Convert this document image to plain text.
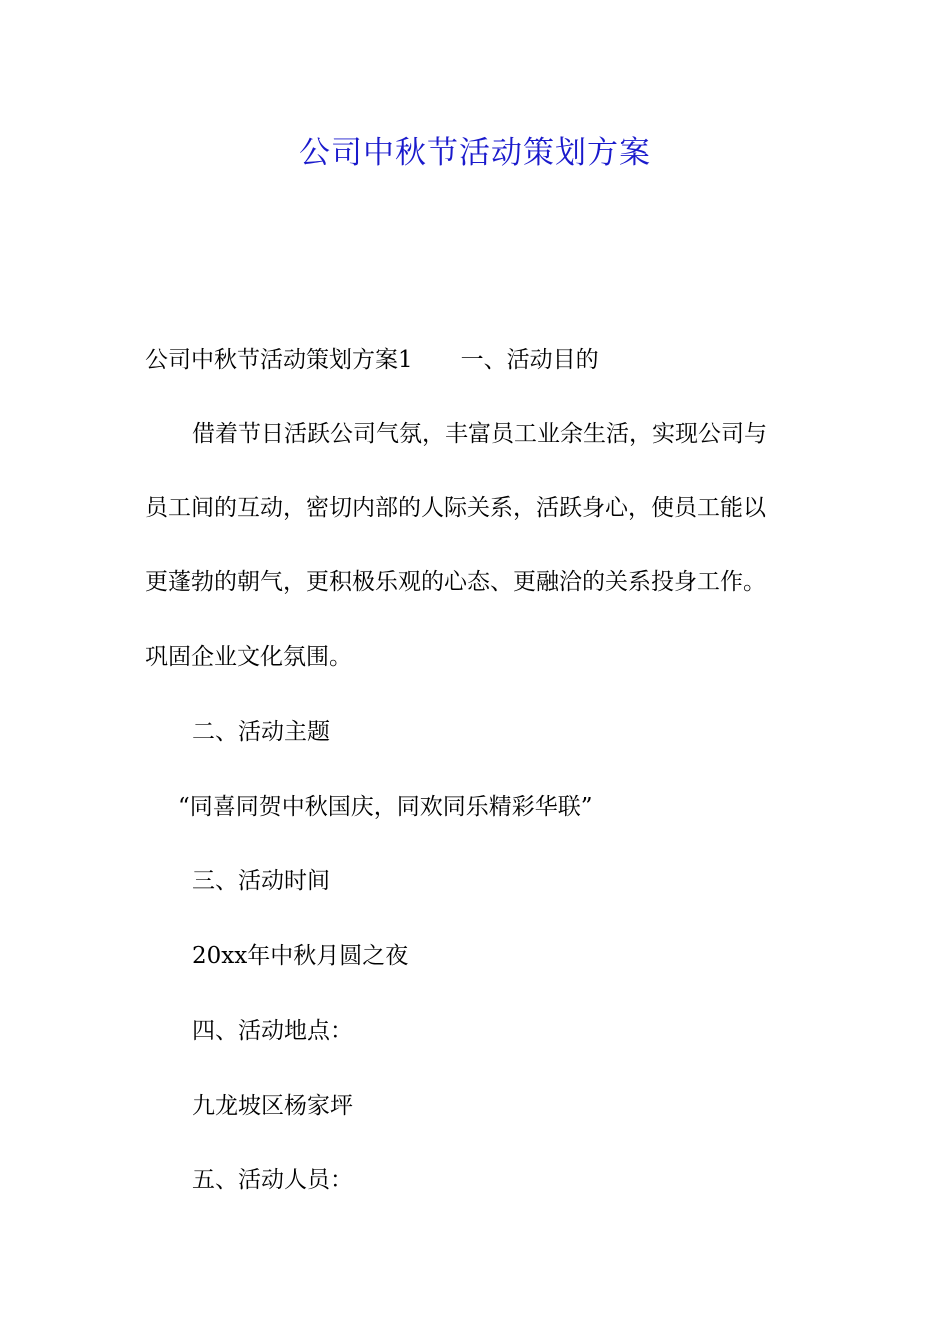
公司中秋节活动策划方案

公司中秋节活动策划方案1 一、活动目的

借着节日活跃公司气氛，丰富员工业余生活，实现公司与

员工间的互动，密切内部的人际关系，活跃身心，使员工能以

更蓬勃的朝气，更积极乐观的心态、更融洽的关系投身工作。

巩固企业文化氛围。

二、活动主题

“同喜同贺中秋国庆，同欢同乐精彩华联”

三、活动时间

20xx年中秋月圆之夜

四、活动地点：

九龙坡区杨家坪

五、活动人员：
